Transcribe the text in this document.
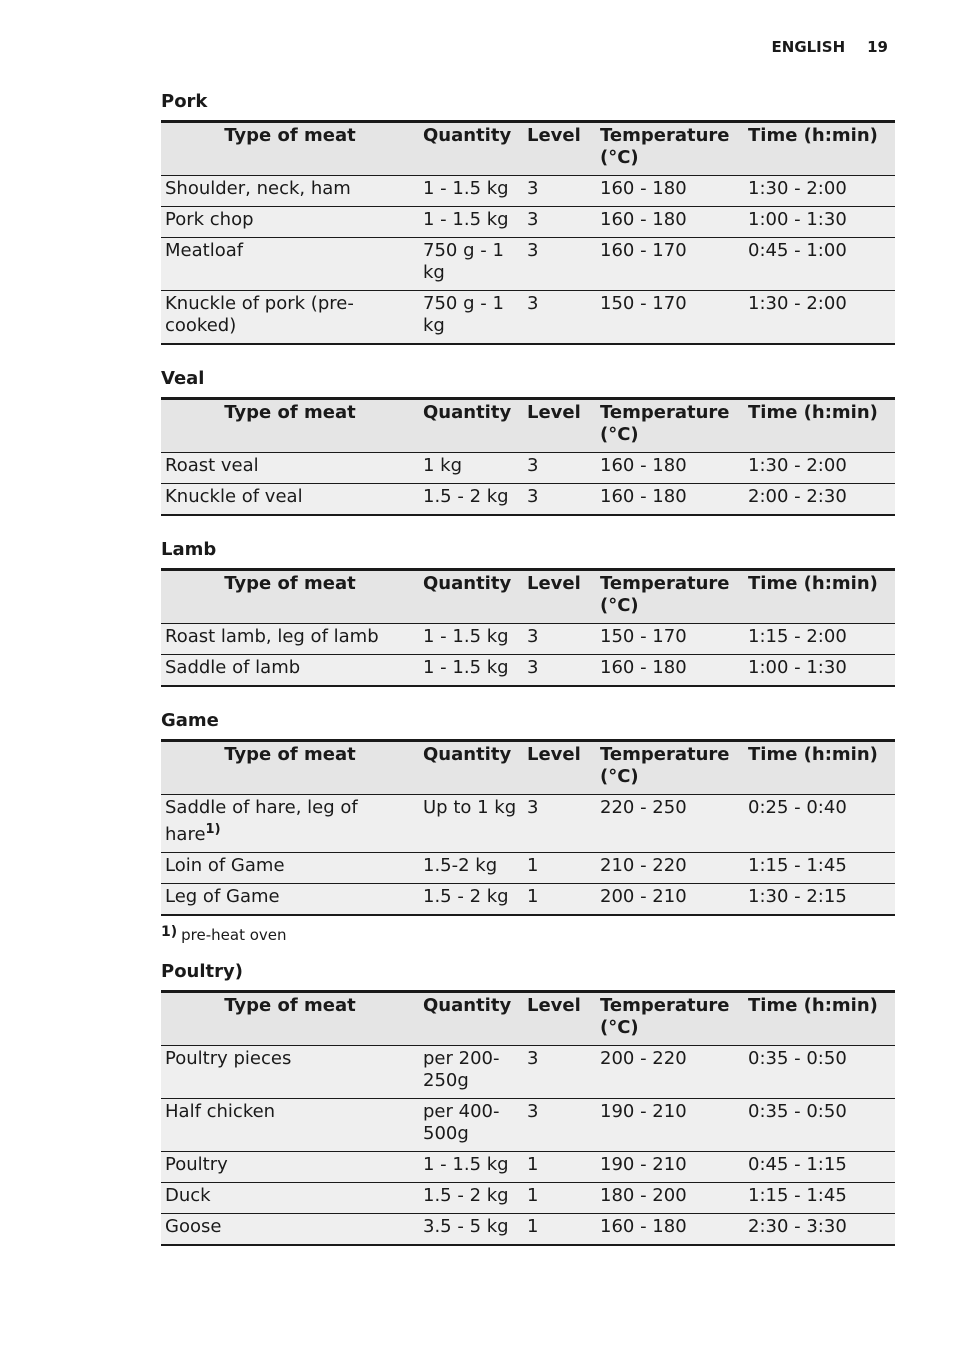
ENGLISH 19
Pork
Type of meat	Quantity	Level	Temperature (°C)	Time (h:min)
Shoulder, neck, ham	1 - 1.5 kg	3	160 - 180	1:30 - 2:00
Pork chop	1 - 1.5 kg	3	160 - 180	1:00 - 1:30
Meatloaf	750 g - 1 kg	3	160 - 170	0:45 - 1:00
Knuckle of pork (pre-cooked)	750 g - 1 kg	3	150 - 170	1:30 - 2:00
Veal
Type of meat	Quantity	Level	Temperature (°C)	Time (h:min)
Roast veal	1 kg	3	160 - 180	1:30 - 2:00
Knuckle of veal	1.5 - 2 kg	3	160 - 180	2:00 - 2:30
Lamb
Type of meat	Quantity	Level	Temperature (°C)	Time (h:min)
Roast lamb, leg of lamb	1 - 1.5 kg	3	150 - 170	1:15 - 2:00
Saddle of lamb	1 - 1.5 kg	3	160 - 180	1:00 - 1:30
Game
Type of meat	Quantity	Level	Temperature (°C)	Time (h:min)
Saddle of hare, leg of hare$^{1)}$	Up to 1 kg	3	220 - 250	0:25 - 0:40
Loin of Game	1.5-2 kg	1	210 - 220	1:15 - 1:45
Leg of Game	1.5 - 2 kg	1	200 - 210	1:30 - 2:15
1) pre-heat oven
Poultry)
Type of meat	Quantity	Level	Temperature (°C)	Time (h:min)
Poultry pieces	per 200-250g	3	200 - 220	0:35 - 0:50
Half chicken	per 400-500g	3	190 - 210	0:35 - 0:50
Poultry	1 - 1.5 kg	1	190 - 210	0:45 - 1:15
Duck	1.5 - 2 kg	1	180 - 200	1:15 - 1:45
Goose	3.5 - 5 kg	1	160 - 180	2:30 - 3:30
